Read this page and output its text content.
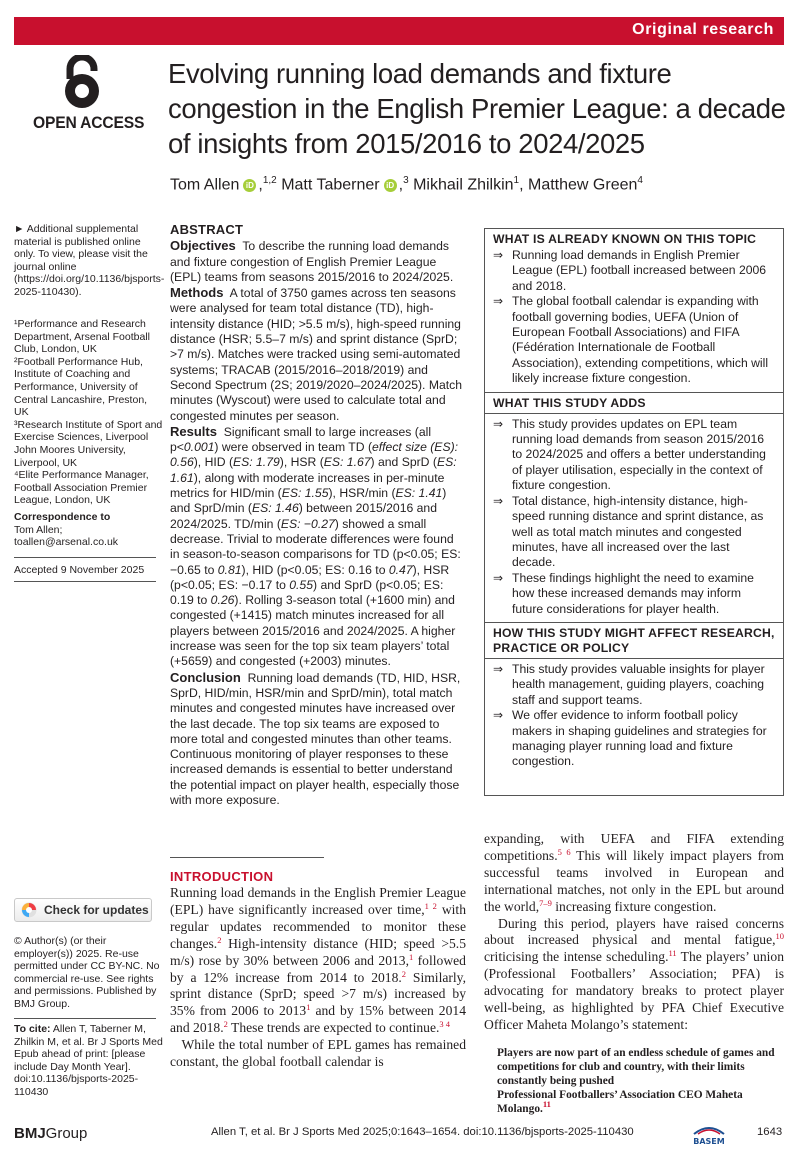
Original research
OPEN ACCESS
Evolving running load demands and fixture congestion in the English Premier League: a decade of insights from 2015/2016 to 2024/2025
Tom Allen iD ,$^{1,2}$ Matt Taberner iD ,$^3$ Mikhail Zhilkin$^1$, Matthew Green$^4$
► Additional supplemental material is published online only. To view, please visit the journal online (https://doi.org/10.1136/bjsports-2025-110430).

¹Performance and Research Department, Arsenal Football Club, London, UK

²Football Performance Hub, Institute of Coaching and Performance, University of Central Lancashire, Preston, UK

³Research Institute of Sport and Exercise Sciences, Liverpool John Moores University, Liverpool, UK

⁴Elite Performance Manager, Football Association Premier League, London, UK

Correspondence to

Tom Allen;

toallen@arsenal.co.uk

Accepted 9 November 2025
Check for updates
© Author(s) (or their employer(s)) 2025. Re-use permitted under CC BY-NC. No commercial re-use. See rights and permissions. Published by BMJ Group.
To cite: Allen T, Taberner M, Zhilkin M, et al. Br J Sports Med Epub ahead of print: [please include Day Month Year]. doi:10.1136/bjsports-2025-110430
ABSTRACT

Objectives To describe the running load demands and fixture congestion of English Premier League (EPL) teams from seasons 2015/2016 to 2024/2025.

Methods A total of 3750 games across ten seasons were analysed for team total distance (TD), high-intensity distance (HID; >5.5 m/s), high-speed running distance (HSR; 5.5–7 m/s) and sprint distance (SprD; >7 m/s). Matches were tracked using semi-automated systems; TRACAB (2015/2016–2018/2019) and Second Spectrum (2S; 2019/2020–2024/2025). Match minutes (Wyscout) were used to calculate total and congested minutes per season.

Results Significant small to large increases (all p<0.001) were observed in team TD (effect size (ES): 0.56), HID (ES: 1.79), HSR (ES: 1.67) and SprD (ES: 1.61), along with moderate increases in per-minute metrics for HID/min (ES: 1.55), HSR/min (ES: 1.41) and SprD/min (ES: 1.46) between 2015/2016 and 2024/2025. TD/min (ES: −0.27) showed a small decrease. Trivial to moderate differences were found in season-to-season comparisons for TD (p<0.05; ES: −0.65 to 0.81), HID (p<0.05; ES: 0.16 to 0.47), HSR (p<0.05; ES: −0.17 to 0.55) and SprD (p<0.05; ES: 0.19 to 0.26). Rolling 3-season total (+1600 min) and congested (+1415) match minutes increased for all players between 2015/2016 and 2024/2025. A higher increase was seen for the top six team players’ total (+5659) and congested (+2003) minutes.

Conclusion Running load demands (TD, HID, HSR, SprD, HID/min, HSR/min and SprD/min), total match minutes and congested minutes have increased over the last decade. The top six teams are exposed to more total and congested minutes than other teams. Continuous monitoring of player responses to these increased demands is essential to better understand the potential impact on player health, especially those with more exposure.

WHAT IS ALREADY KNOWN ON THIS TOPIC
⇒ Running load demands in English Premier League (EPL) football increased between 2006 and 2018.
⇒ The global football calendar is expanding with football governing bodies, UEFA (Union of European Football Associations) and FIFA (Fédération Internationale de Football Association), extending competitions, which will likely increase fixture congestion.
WHAT THIS STUDY ADDS
⇒ This study provides updates on EPL team running load demands from season 2015/2016 to 2024/2025 and offers a better understanding of player utilisation, especially in the context of fixture congestion.
⇒ Total distance, high-intensity distance, high-speed running distance and sprint distance, as well as total match minutes and congested minutes, have all increased over the last decade.
⇒ These findings highlight the need to examine how these increased demands may inform future considerations for player health.
HOW THIS STUDY MIGHT AFFECT RESEARCH, PRACTICE OR POLICY
⇒ This study provides valuable insights for player health management, guiding players, coaching staff and support teams.
⇒ We offer evidence to inform football policy makers in shaping guidelines and strategies for managing player running load and fixture congestion.
INTRODUCTION

Running load demands in the English Premier League (EPL) have significantly increased over time,$^{1 2}$ with regular updates recommended to monitor these changes.$^2$ High-intensity distance (HID; speed >5.5 m/s) rose by 30% between 2006 and 2013,$^1$ followed by a 12% increase from 2014 to 2018.$^2$ Similarly, sprint distance (SprD; speed >7 m/s) increased by 35% from 2006 to 2013$^1$ and by 15% between 2014 and 2018.$^2$ These trends are expected to continue.$^{3 4}$

While the total number of EPL games has remained constant, the global football calendar is

expanding, with UEFA and FIFA extending competitions.$^{5 6}$ This will likely impact players from successful teams involved in European and international matches, not only in the EPL but around the world,$^{7-9}$ increasing fixture congestion.

During this period, players have raised concerns about increased physical and mental fatigue,$^{10}$ criticising the intense scheduling.$^{11}$ The players’ union (Professional Footballers’ Association; PFA) is advocating for mandatory breaks to protect player well-being, as highlighted by PFA Chief Executive Officer Maheta Molango’s statement:

Players are now part of an endless schedule of games and competitions for club and country, with their limits constantly being pushed
Professional Footballers’ Association CEO Maheta Molango.$^{11}$
BMJGroup	Allen T, et al. Br J Sports Med 2025;0:1643–1654. doi:10.1136/bjsports-2025-110430
BASEM
1643
